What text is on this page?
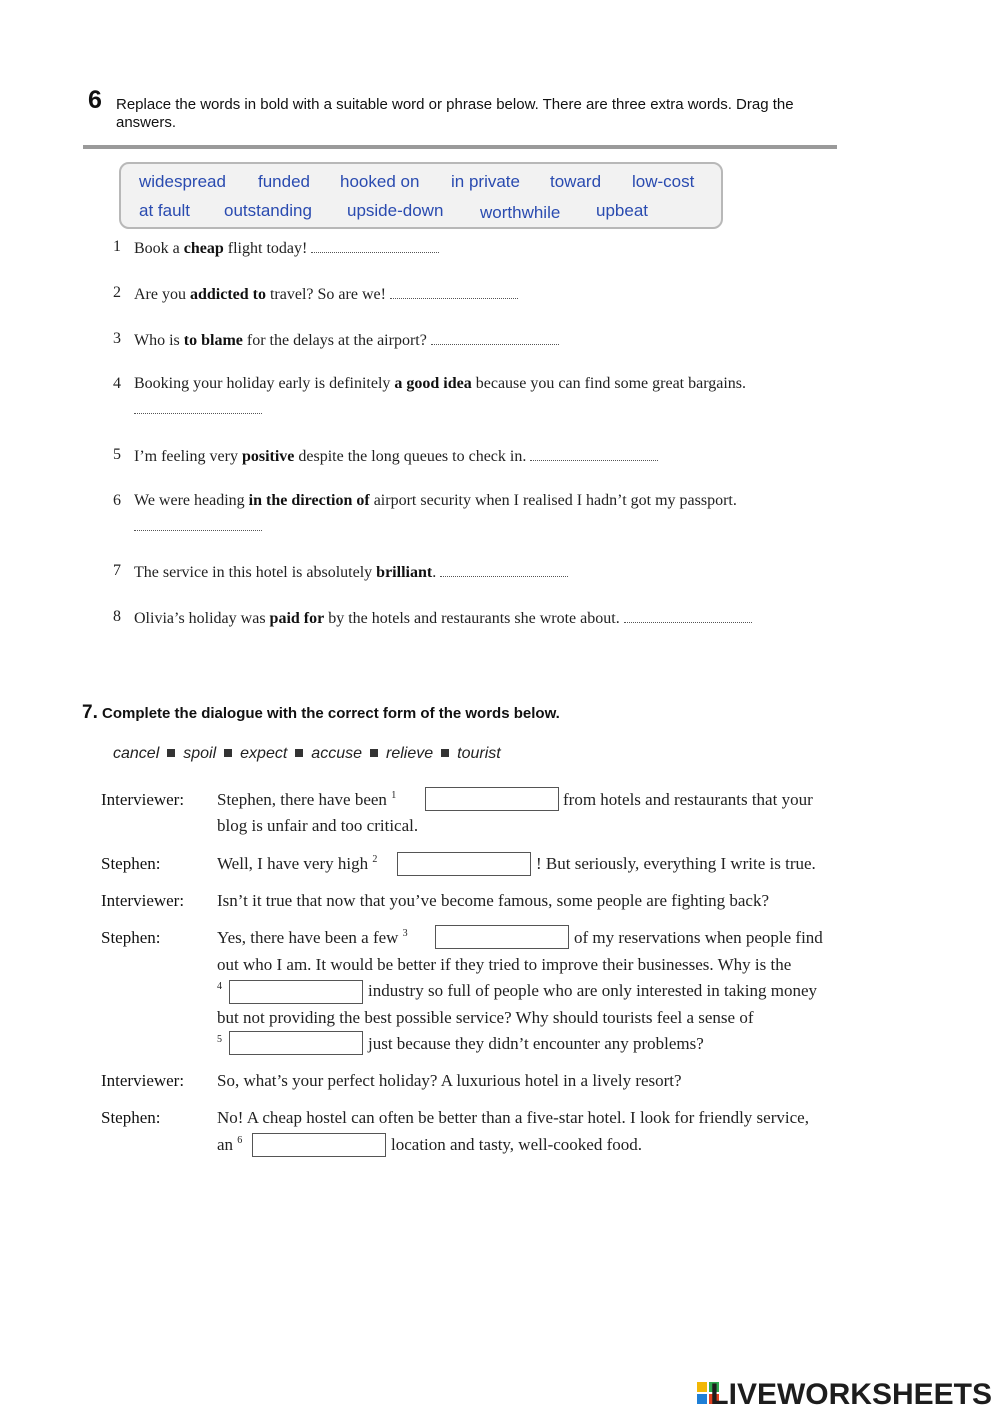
6 Replace the words in bold with a suitable word or phrase below. There are three extra words. Drag the answers.
widespread funded hooked on in private toward low-cost
at fault outstanding upside-down worthwhile upbeat
1 Book a cheap flight today!
2 Are you addicted to travel? So are we!
3 Who is to blame for the delays at the airport?
4 Booking your holiday early is definitely a good idea because you can find some great bargains.
5 I’m feeling very positive despite the long queues to check in.
6 We were heading in the direction of airport security when I realised I hadn’t got my passport.
7 The service in this hotel is absolutely brilliant.
8 Olivia’s holiday was paid for by the hotels and restaurants she wrote about.
7. Complete the dialogue with the correct form of the words below.
cancel spoil expect accuse relieve tourist
Interviewer: Stephen, there have been $^1$	from hotels and restaurants that your
blog is unfair and too critical.
Stephen:	Well, I have very high $^2$	! But seriously, everything I write is true.
Interviewer: Isn’t it true that now that you’ve become famous, some people are fighting back?
Stephen:	Yes, there have been a few $^3$	of my reservations when people find
out who I am. It would be better if they tried to improve their businesses. Why is the
$^4$	industry so full of people who are only interested in taking money
but not providing the best possible service? Why should tourists feel a sense of
$^5$	just because they didn’t encounter any problems?
Interviewer: So, what’s your perfect holiday? A luxurious hotel in a lively resort?
Stephen:	No! A cheap hostel can often be better than a five-star hotel. I look for friendly service,
an $^6$	location and tasty, well-cooked food.
LIVEWORKSHEETS
